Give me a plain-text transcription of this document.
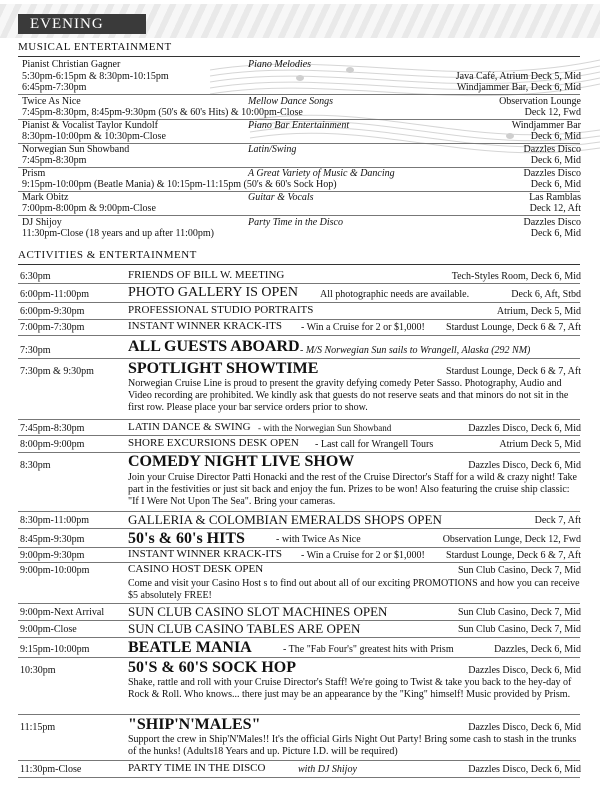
EVENING
MUSICAL ENTERTAINMENT
Pianist Christian Gagner
5:30pm-6:15pm & 8:30pm-10:15pm
6:45pm-7:30pm
Piano Melodies
Java Café, Atrium Deck 5, Mid
Windjammer Bar, Deck 6, Mid
Twice As Nice
7:45pm-8:30pm, 8:45pm-9:30pm (50's & 60's Hits) & 10:00pm-Close
Mellow Dance Songs	Observation Lounge
Deck 12, Fwd
Pianist & Vocalist Taylor Kundolf
8:30pm-10:00pm & 10:30pm-Close
Piano Bar Entertainment	Windjammer Bar
Deck 6, Mid
Norwegian Sun Showband
7:45pm-8:30pm
Latin/Swing	Dazzles Disco
Deck 6, Mid
Prism
9:15pm-10:00pm (Beatle Mania) & 10:15pm-11:15pm (50's & 60's Sock Hop)
A Great Variety of Music & Dancing	Dazzles Disco
Deck 6, Mid
Mark Obitz
7:00pm-8:00pm & 9:00pm-Close
Guitar & Vocals	Las Ramblas
Deck 12, Aft
DJ Shijoy
11:30pm-Close (18 years and up after 11:00pm)
Party Time in the Disco	Dazzles Disco
Deck 6, Mid
ACTIVITIES & ENTERTAINMENT
6:30pm	FRIENDS OF BILL W. MEETING	Tech-Styles Room, Deck 6, Mid
6:00pm-11:00pm	PHOTO GALLERY IS OPEN All photographic needs are available.	Deck 6, Aft, Stbd
6:00pm-9:30pm	PROFESSIONAL STUDIO PORTRAITS	Atrium, Deck 5, Mid
7:00pm-7:30pm	INSTANT WINNER KRACK-ITS - Win a Cruise for 2 or $1,000! Stardust Lounge, Deck 6 & 7, Aft
7:30pm	ALL GUESTS ABOARD - M/S Norwegian Sun sails to Wrangell, Alaska (292 NM)
7:30pm & 9:30pm SPOTLIGHT SHOWTIME	Stardust Lounge, Deck 6 & 7, Aft
Norwegian Cruise Line is proud to present the gravity defying comedy Peter Sasso. Photography, Audio and Video recording are prohibited. We kindly ask that guests do not reserve seats and that minors do not sit in the first row. Please place your bar service orders prior to show.
7:45pm-8:30pm	LATIN DANCE & SWING - with the Norwegian Sun Showband	Dazzles Disco, Deck 6, Mid
8:00pm-9:00pm	SHORE EXCURSIONS DESK OPEN - Last call for Wrangell Tours	Atrium Deck 5, Mid
8:30pm	COMEDY NIGHT LIVE SHOW	Dazzles Disco, Deck 6, Mid
Join your Cruise Director Patti Honacki and the rest of the Cruise Director's Staff for a wild & crazy night! Take part in the festivities or just sit back and enjoy the fun. Prizes to be won! Also featuring the cruise ship classic: "If I Were Not Upon The Sea". Bring your cameras.
8:30pm-11:00pm	GALLERIA & COLOMBIAN EMERALDS SHOPS OPEN	Deck 7, Aft
8:45pm-9:30pm	50's & 60's HITS	- with Twice As Nice	Observation Lunge, Deck 12, Fwd
9:00pm-9:30pm	INSTANT WINNER KRACK-ITS - Win a Cruise for 2 or $1,000! Stardust Lounge, Deck 6 & 7, Aft
9:00pm-10:00pm	CASINO HOST DESK OPEN	Sun Club Casino, Deck 7, Mid
Come and visit your Casino Host s to find out about all of our exciting PROMOTIONS and how you can receive $5 absolutely FREE!
9:00pm-Next Arrival SUN CLUB CASINO SLOT MACHINES OPEN	Sun Club Casino, Deck 7, Mid
9:00pm-Close	SUN CLUB CASINO TABLES ARE OPEN	Sun Club Casino, Deck 7, Mid
9:15pm-10:00pm BEATLE MANIA	- The "Fab Four's" greatest hits with Prism	Dazzles, Deck 6, Mid
10:30pm	50'S & 60'S SOCK HOP	Dazzles Disco, Deck 6, Mid
Shake, rattle and roll with your Cruise Director's Staff! We're going to Twist & take you back to the hey-day of Rock & Roll. Who knows... there just may be an appearance by the "King" himself! Music provided by Prism.
11:15pm	"SHIP'N'MALES"	Dazzles Disco, Deck 6, Mid
Support the crew in Ship'N'Males!! It's the official Girls Night Out Party! Bring some cash to stash in the trunks of the hunks! (Adults18 Years and up. Picture I.D. will be required)
11:30pm-Close	PARTY TIME IN THE DISCO	with DJ Shijoy	Dazzles Disco, Deck 6, Mid
